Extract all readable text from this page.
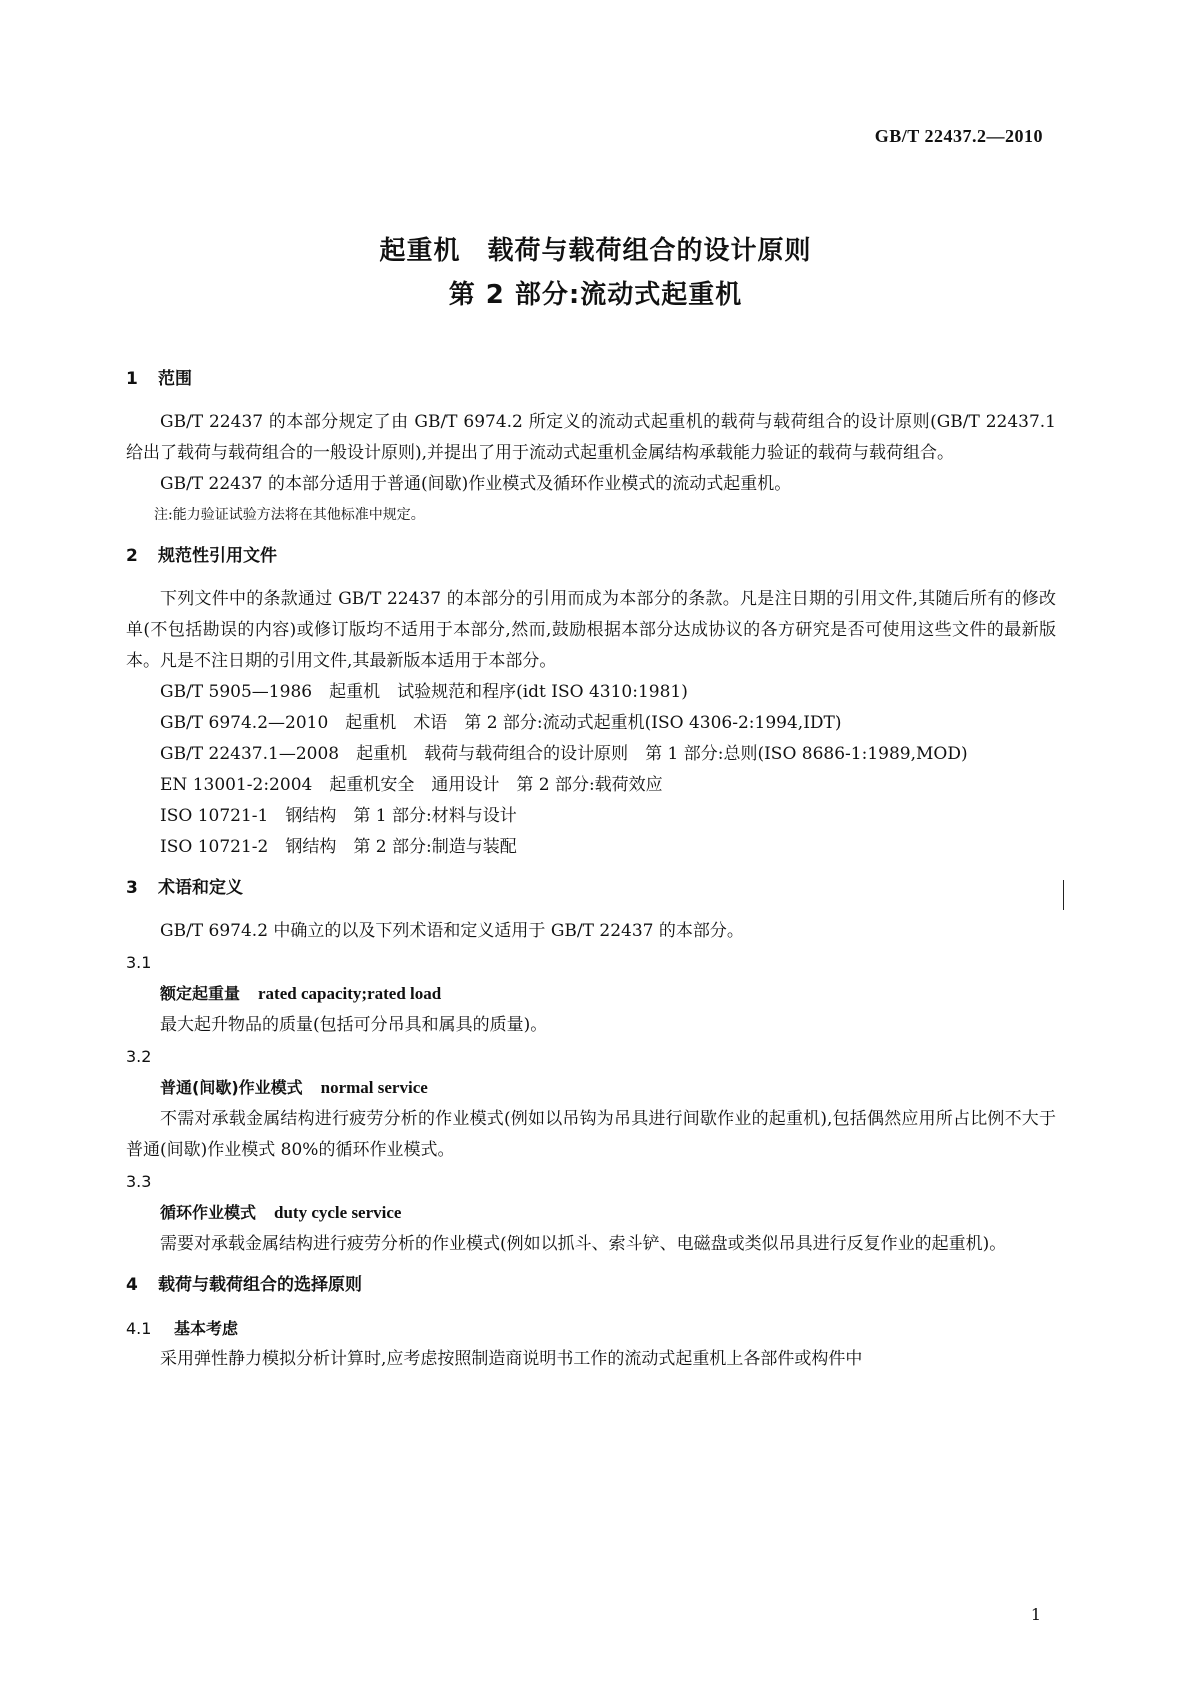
GB/T 22437.2—2010
起重机　载荷与载荷组合的设计原则
第 2 部分:流动式起重机
1 范围

GB/T 22437 的本部分规定了由 GB/T 6974.2 所定义的流动式起重机的载荷与载荷组合的设计原则(GB/T 22437.1 给出了载荷与载荷组合的一般设计原则),并提出了用于流动式起重机金属结构承载能力验证的载荷与载荷组合。

GB/T 22437 的本部分适用于普通(间歇)作业模式及循环作业模式的流动式起重机。

注:能力验证试验方法将在其他标准中规定。

2 规范性引用文件

下列文件中的条款通过 GB/T 22437 的本部分的引用而成为本部分的条款。凡是注日期的引用文件,其随后所有的修改单(不包括勘误的内容)或修订版均不适用于本部分,然而,鼓励根据本部分达成协议的各方研究是否可使用这些文件的最新版本。凡是不注日期的引用文件,其最新版本适用于本部分。

GB/T 5905—1986　起重机　试验规范和程序(idt ISO 4310:1981)

GB/T 6974.2—2010　起重机　术语　第 2 部分:流动式起重机(ISO 4306-2:1994,IDT)

GB/T 22437.1—2008　起重机　载荷与载荷组合的设计原则　第 1 部分:总则(ISO 8686-1:1989,MOD)

EN 13001-2:2004　起重机安全　通用设计　第 2 部分:载荷效应

ISO 10721-1　钢结构　第 1 部分:材料与设计

ISO 10721-2　钢结构　第 2 部分:制造与装配

3 术语和定义

GB/T 6974.2 中确立的以及下列术语和定义适用于 GB/T 22437 的本部分。

3.1

额定起重量 rated capacity;rated load

最大起升物品的质量(包括可分吊具和属具的质量)。

3.2

普通(间歇)作业模式 normal service

不需对承载金属结构进行疲劳分析的作业模式(例如以吊钩为吊具进行间歇作业的起重机),包括偶然应用所占比例不大于普通(间歇)作业模式 80%的循环作业模式。

3.3

循环作业模式 duty cycle service

需要对承载金属结构进行疲劳分析的作业模式(例如以抓斗、索斗铲、电磁盘或类似吊具进行反复作业的起重机)。

4 载荷与载荷组合的选择原则

4.1 基本考虑

采用弹性静力模拟分析计算时,应考虑按照制造商说明书工作的流动式起重机上各部件或构件中

1
